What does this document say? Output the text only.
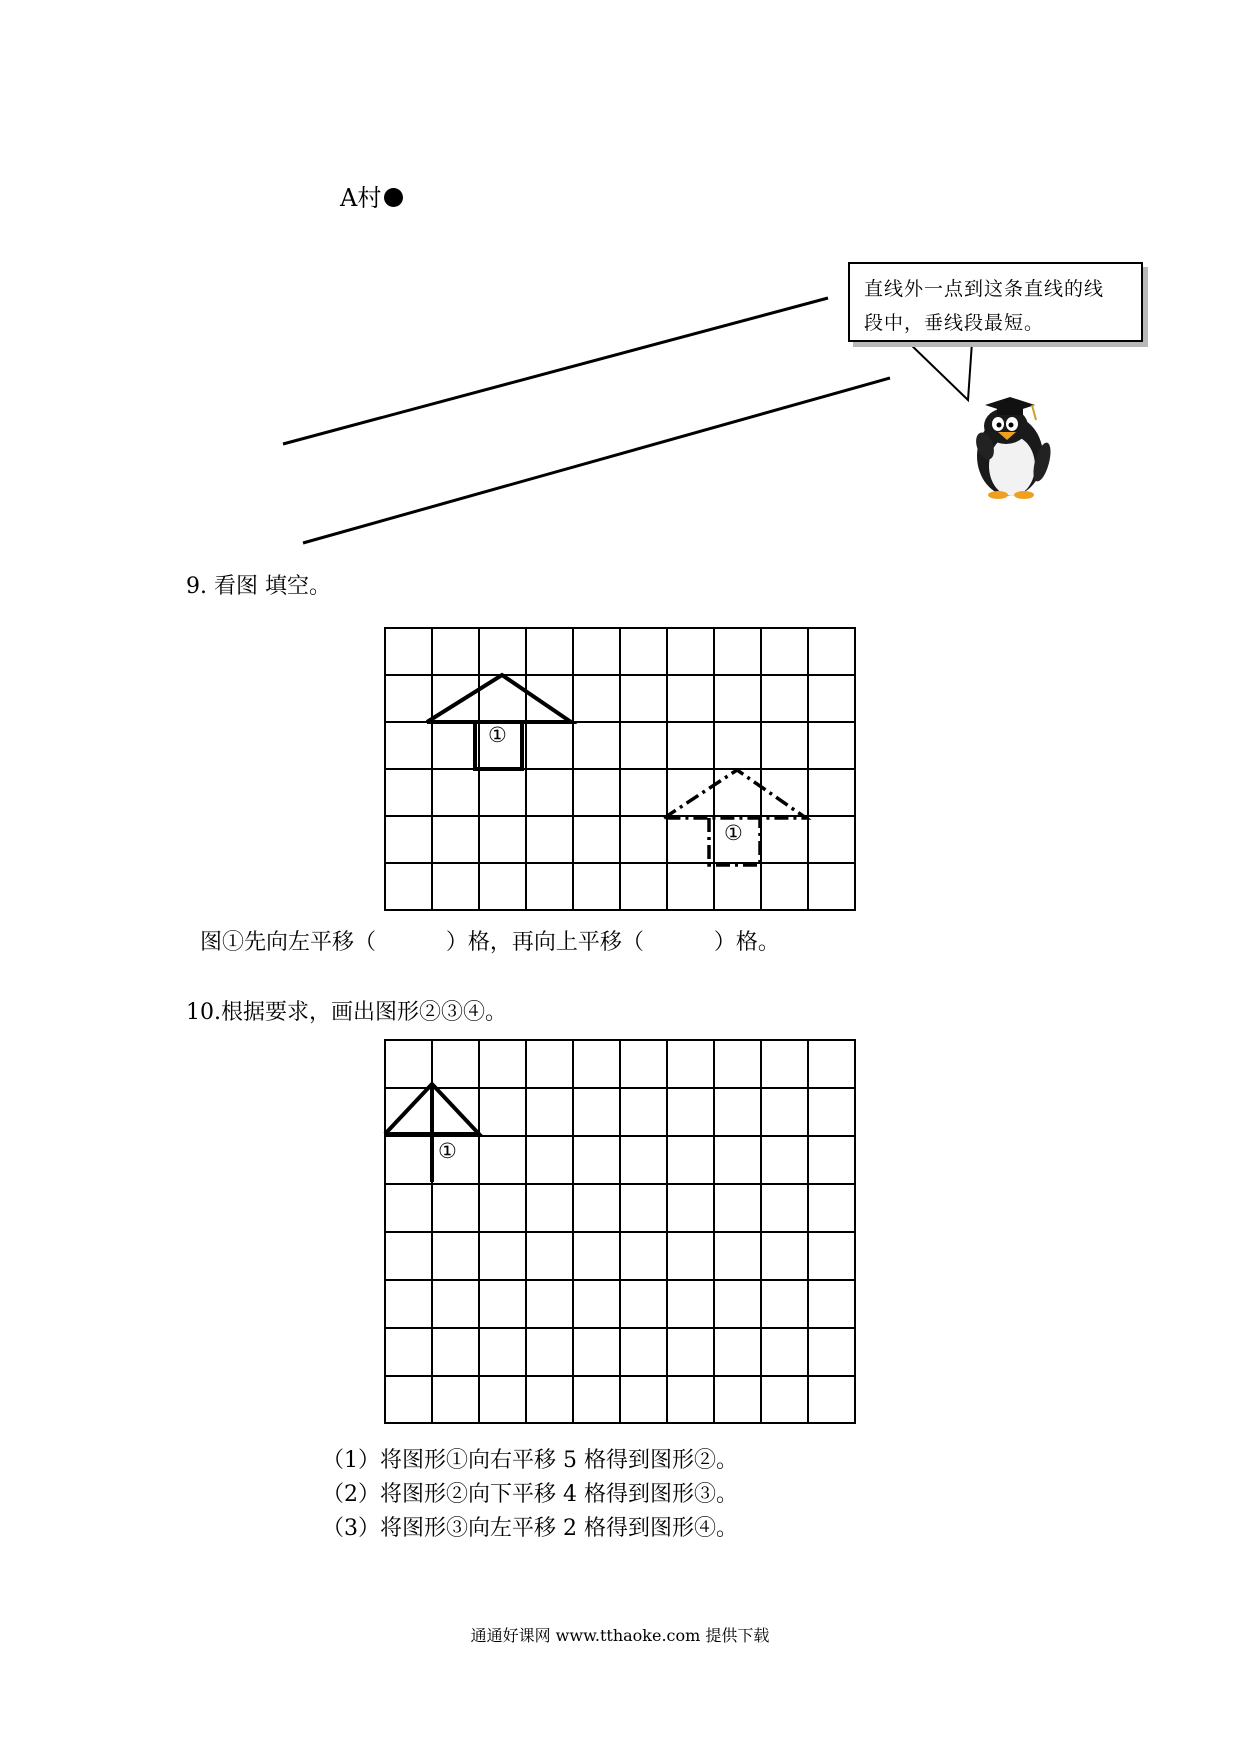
A村
直线外一点到这条直线的线
段中，垂线段最短。
9. 看图 填空。
①
①
图①先向左平移（          ）格，再向上平移（          ）格。
10.根据要求，画出图形②③④。
①
（1）将图形①向右平移 5 格得到图形②。
（2）将图形②向下平移 4 格得到图形③。
（3）将图形③向左平移 2 格得到图形④。
通通好课网 www.tthaoke.com 提供下载
